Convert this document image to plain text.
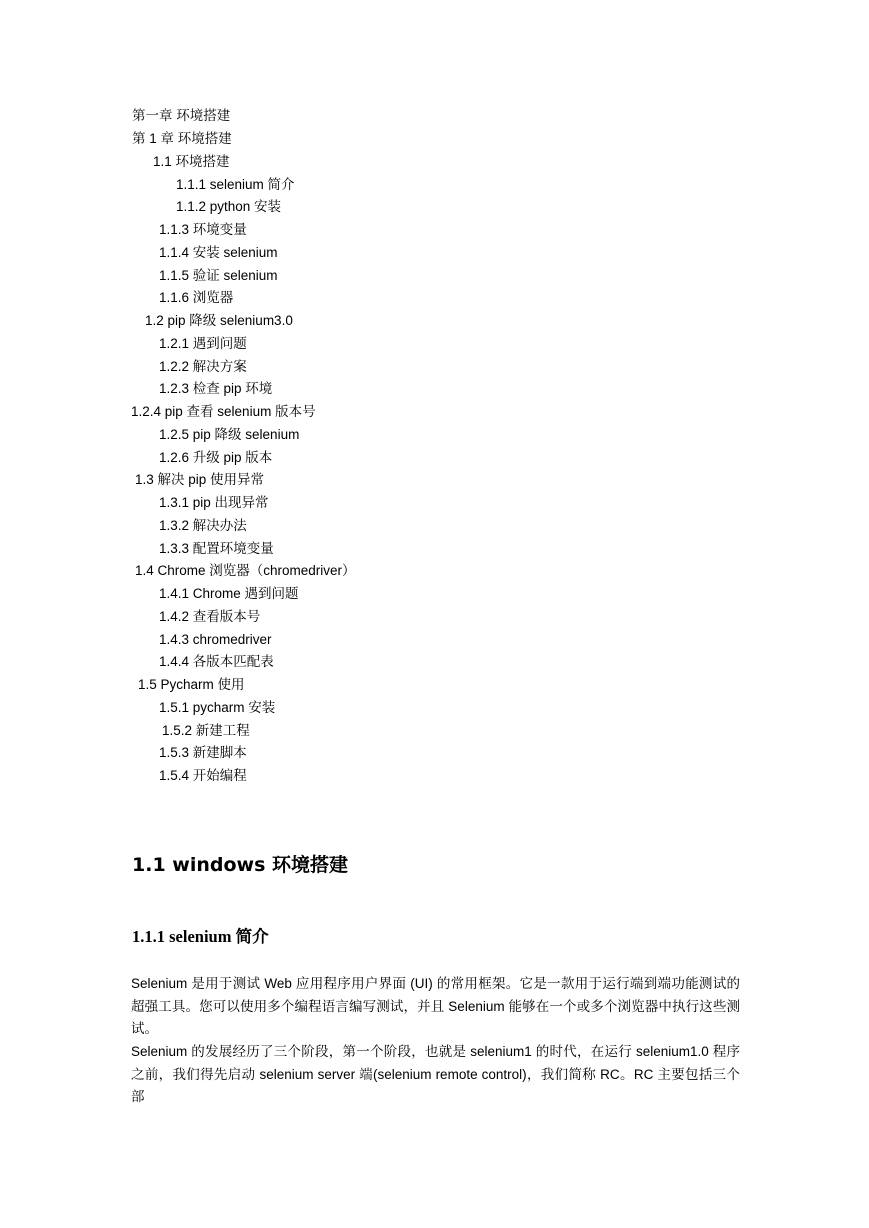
第一章 环境搭建
第 1 章 环境搭建
1.1 环境搭建
1.1.1 selenium 简介
1.1.2 python 安装
1.1.3 环境变量
1.1.4 安装 selenium
1.1.5 验证 selenium
1.1.6 浏览器
1.2 pip 降级 selenium3.0
1.2.1 遇到问题
1.2.2 解决方案
1.2.3 检查 pip 环境
1.2.4 pip 查看 selenium 版本号
1.2.5 pip 降级 selenium
1.2.6 升级 pip 版本
1.3 解决 pip 使用异常
1.3.1 pip 出现异常
1.3.2 解决办法
1.3.3 配置环境变量
1.4 Chrome 浏览器（chromedriver）
1.4.1 Chrome 遇到问题
1.4.2 查看版本号
1.4.3 chromedriver
1.4.4 各版本匹配表
1.5 Pycharm 使用
1.5.1 pycharm 安装
1.5.2 新建工程
1.5.3 新建脚本
1.5.4 开始编程
1.1 windows 环境搭建
1.1.1 selenium 简介
Selenium 是用于测试 Web 应用程序用户界面 (UI) 的常用框架。它是一款用于运行端到端功能测试的超强工具。您可以使用多个编程语言编写测试，并且 Selenium 能够在一个或多个浏览器中执行这些测试。
Selenium 的发展经历了三个阶段，第一个阶段，也就是 selenium1 的时代，在运行 selenium1.0 程序之前，我们得先启动 selenium server 端(selenium remote control)，我们简称 RC。RC 主要包括三个部
